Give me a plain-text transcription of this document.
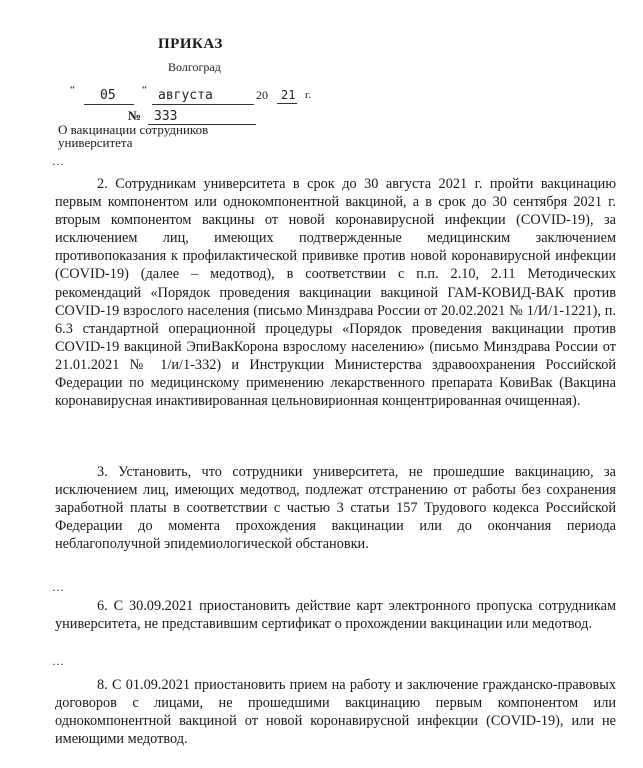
ПРИКАЗ
Волгоград
“ 05 “ августа	20 21 г.
№ 333
О вакцинации сотрудников
университета
…

2. Сотрудникам университета в срок до 30 августа 2021 г. пройти вакцинацию первым компонентом или однокомпонентной вакциной, а в срок до 30 сентября 2021 г. вторым компонентом вакцины от новой коронавирусной инфекции (COVID-19), за исключением лиц, имеющих подтвержденные медицинским заключением противопоказания к профилактической прививке против новой коронавирусной инфекции (COVID-19) (далее – медотвод), в соответствии с п.п. 2.10, 2.11 Методических рекомендаций «Порядок проведения вакцинации вакциной ГАМ-КОВИД-ВАК против COVID-19 взрослого населения (письмо Минздрава России от 20.02.2021 № 1/И/1-1221), п. 6.3 стандартной операционной процедуры «Порядок проведения вакцинации против COVID-19 вакциной ЭпиВакКорона взрослому населению» (письмо Минздрава России от 21.01.2021 № 1/и/1-332) и Инструкции Министерства здравоохранения Российской Федерации по медицинскому применению лекарственного препарата КовиВак (Вакцина коронавирусная инактивированная цельновирионная концентрированная очищенная).

3. Установить, что сотрудники университета, не прошедшие вакцинацию, за исключением лиц, имеющих медотвод, подлежат отстранению от работы без сохранения заработной платы в соответствии с частью 3 статьи 157 Трудового кодекса Российской Федерации до момента прохождения вакцинации или до окончания периода неблагополучной эпидемиологической обстановки.

…

6. С 30.09.2021 приостановить действие карт электронного пропуска сотрудникам университета, не представившим сертификат о прохождении вакцинации или медотвод.

…

8. С 01.09.2021 приостановить прием на работу и заключение гражданско-правовых договоров с лицами, не прошедшими вакцинацию первым компонентом или однокомпонентной вакциной от новой коронавирусной инфекции (COVID-19), или не имеющими медотвод.
